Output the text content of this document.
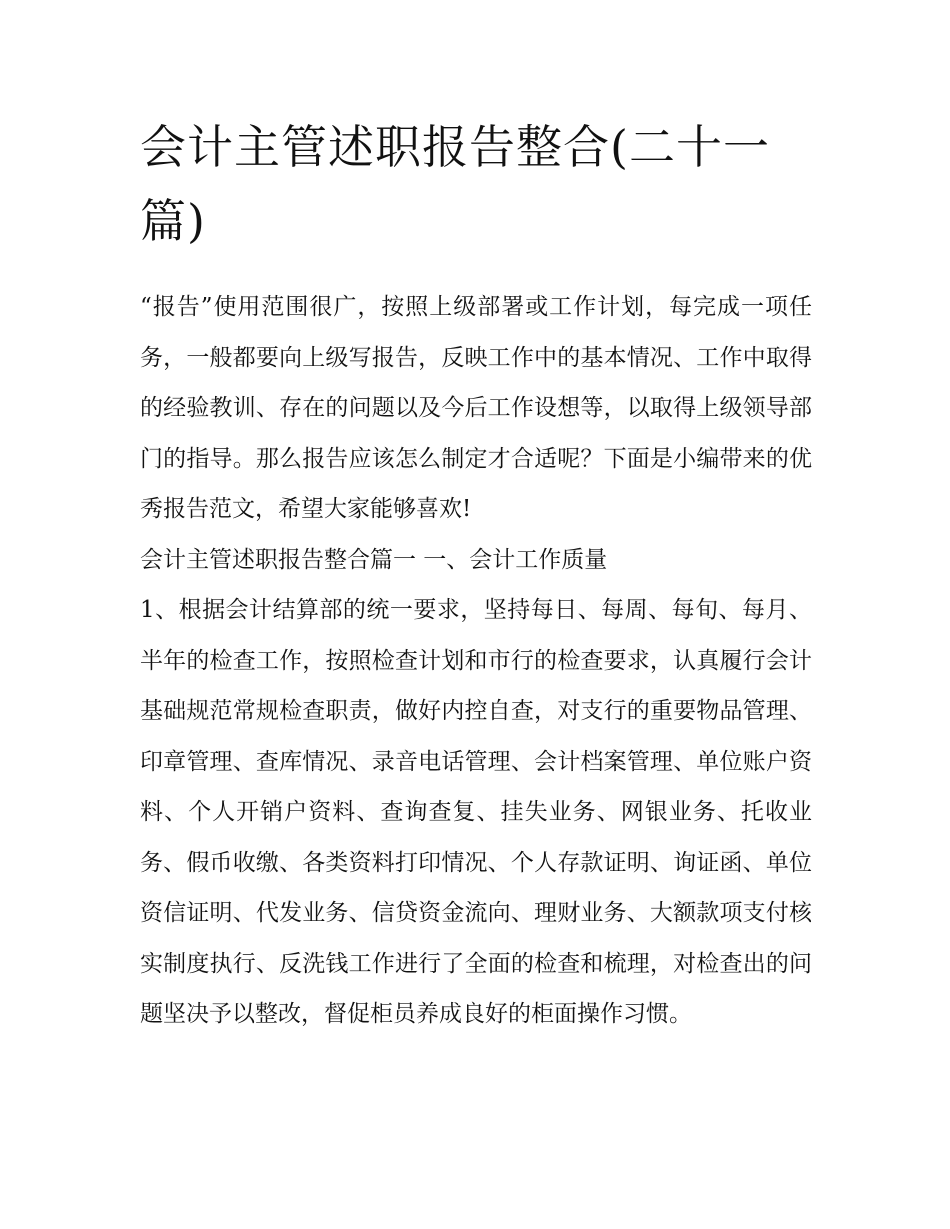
会计主管述职报告整合(二十一篇)

“报告”使用范围很广，按照上级部署或工作计划，每完成一项任务，一般都要向上级写报告，反映工作中的基本情况、工作中取得的经验教训、存在的问题以及今后工作设想等，以取得上级领导部门的指导。那么报告应该怎么制定才合适呢？下面是小编带来的优秀报告范文，希望大家能够喜欢!

会计主管述职报告整合篇一 一、会计工作质量

1、根据会计结算部的统一要求，坚持每日、每周、每旬、每月、半年的检查工作，按照检查计划和市行的检查要求，认真履行会计基础规范常规检查职责，做好内控自查，对支行的重要物品管理、印章管理、查库情况、录音电话管理、会计档案管理、单位账户资料、个人开销户资料、查询查复、挂失业务、网银业务、托收业务、假币收缴、各类资料打印情况、个人存款证明、询证函、单位资信证明、代发业务、信贷资金流向、理财业务、大额款项支付核实制度执行、反洗钱工作进行了全面的检查和梳理，对检查出的问题坚决予以整改，督促柜员养成良好的柜面操作习惯。
